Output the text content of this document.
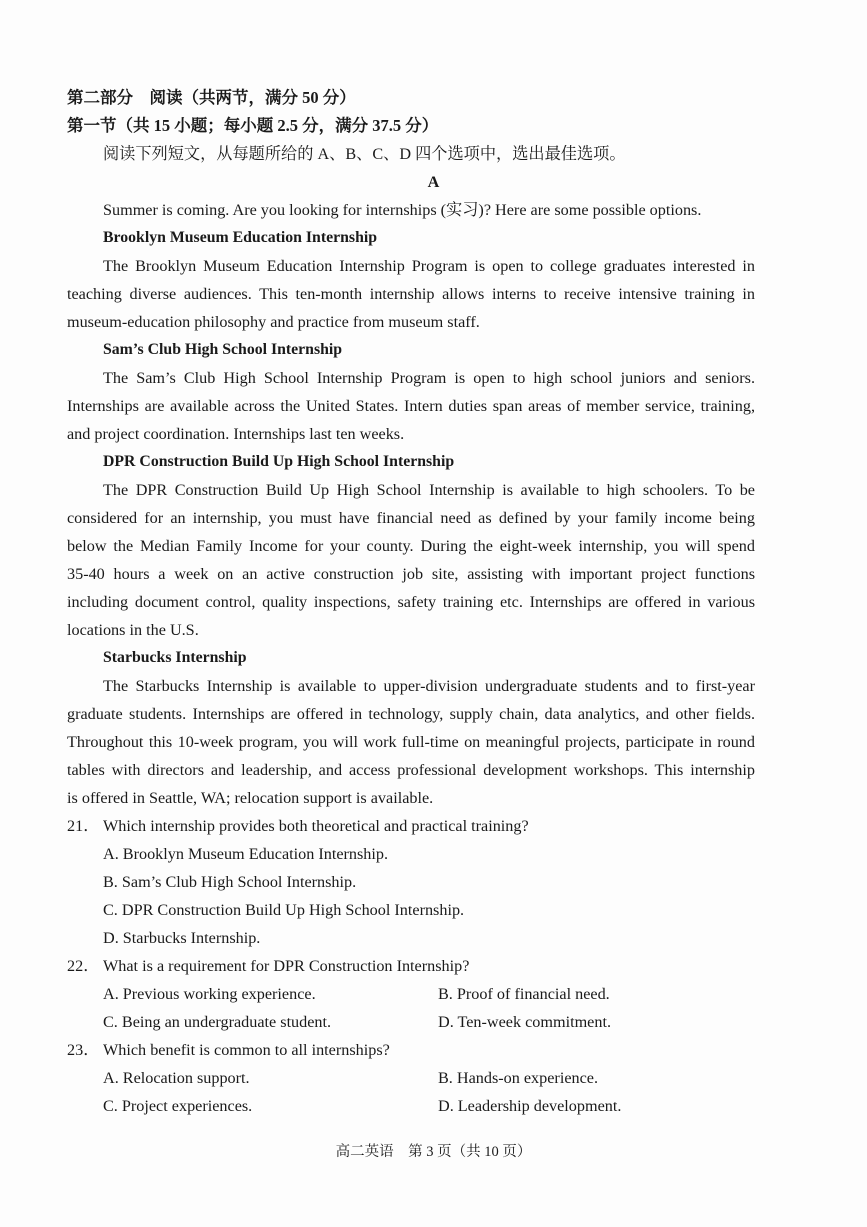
第二部分　阅读（共两节，满分 50 分）
第一节（共 15 小题；每小题 2.5 分，满分 37.5 分）
阅读下列短文，从每题所给的 A、B、C、D 四个选项中，选出最佳选项。
A
Summer is coming. Are you looking for internships (实习)? Here are some possible options.
Brooklyn Museum Education Internship
The Brooklyn Museum Education Internship Program is open to college graduates interested in
teaching diverse audiences. This ten-month internship allows interns to receive intensive training in
museum-education philosophy and practice from museum staff.
Sam’s Club High School Internship
The Sam’s Club High School Internship Program is open to high school juniors and seniors.
Internships are available across the United States. Intern duties span areas of member service, training,
and project coordination. Internships last ten weeks.
DPR Construction Build Up High School Internship
The DPR Construction Build Up High School Internship is available to high schoolers. To be
considered for an internship, you must have financial need as defined by your family income being
below the Median Family Income for your county. During the eight-week internship, you will spend
35-40 hours a week on an active construction job site, assisting with important project functions
including document control, quality inspections, safety training etc. Internships are offered in various
locations in the U.S.
Starbucks Internship
The Starbucks Internship is available to upper-division undergraduate students and to first-year
graduate students. Internships are offered in technology, supply chain, data analytics, and other fields.
Throughout this 10-week program, you will work full-time on meaningful projects, participate in round
tables with directors and leadership, and access professional development workshops. This internship
is offered in Seattle, WA; relocation support is available.
21． Which internship provides both theoretical and practical training?
A. Brooklyn Museum Education Internship.
B. Sam’s Club High School Internship.
C. DPR Construction Build Up High School Internship.
D. Starbucks Internship.
22． What is a requirement for DPR Construction Internship?
A. Previous working experience.	B. Proof of financial need.
C. Being an undergraduate student.	D. Ten-week commitment.
23． Which benefit is common to all internships?
A. Relocation support.	B. Hands-on experience.
C. Project experiences.	D. Leadership development.
高二英语　第 3 页（共 10 页）
